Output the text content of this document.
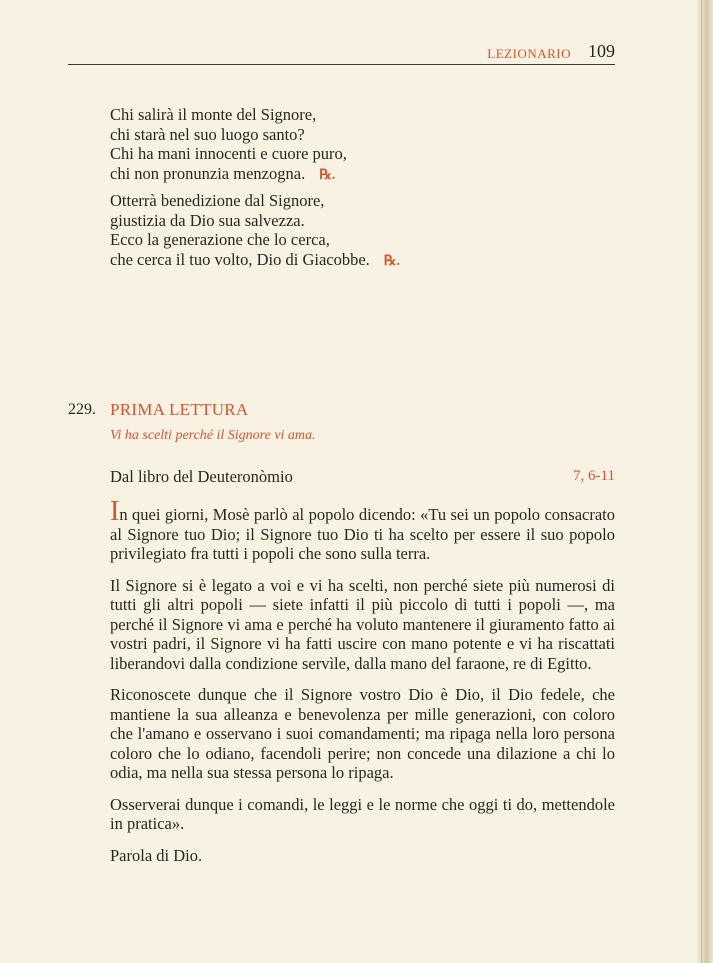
LEZIONARIO 109
Chi salirà il monte del Signore,
chi starà nel suo luogo santo?
Chi ha mani innocenti e cuore puro,
chi non pronunzia menzogna. ℞.
Otterrà benedizione dal Signore,
giustizia da Dio sua salvezza.
Ecco la generazione che lo cerca,
che cerca il tuo volto, Dio di Giacobbe. ℞.
229. PRIMA LETTURA
Vi ha scelti perché il Signore vi ama.
Dal libro del Deuteronòmio	7, 6-11

In quei giorni, Mosè parlò al popolo dicendo: «Tu sei un popolo consacrato al Signore tuo Dio; il Signore tuo Dio ti ha scelto per essere il suo popolo privilegiato fra tutti i popoli che sono sulla terra.

Il Signore si è legato a voi e vi ha scelti, non perché siete più numerosi di tutti gli altri popoli — siete infatti il più piccolo di tutti i popoli —, ma perché il Signore vi ama e perché ha voluto mantenere il giuramento fatto ai vostri padri, il Signore vi ha fatti uscire con mano potente e vi ha riscattati liberandovi dalla condizione servìle, dalla mano del faraone, re di Egitto.

Riconoscete dunque che il Signore vostro Dio è Dio, il Dio fedele, che mantiene la sua alleanza e benevolenza per mille generazioni, con coloro che l'amano e osservano i suoi comandamenti; ma ripaga nella loro persona coloro che lo odiano, facendoli perire; non concede una dilazione a chi lo odia, ma nella sua stessa persona lo ripaga.

Osserverai dunque i comandi, le leggi e le norme che oggi ti do, mettendole in pratica».

Parola di Dio.
